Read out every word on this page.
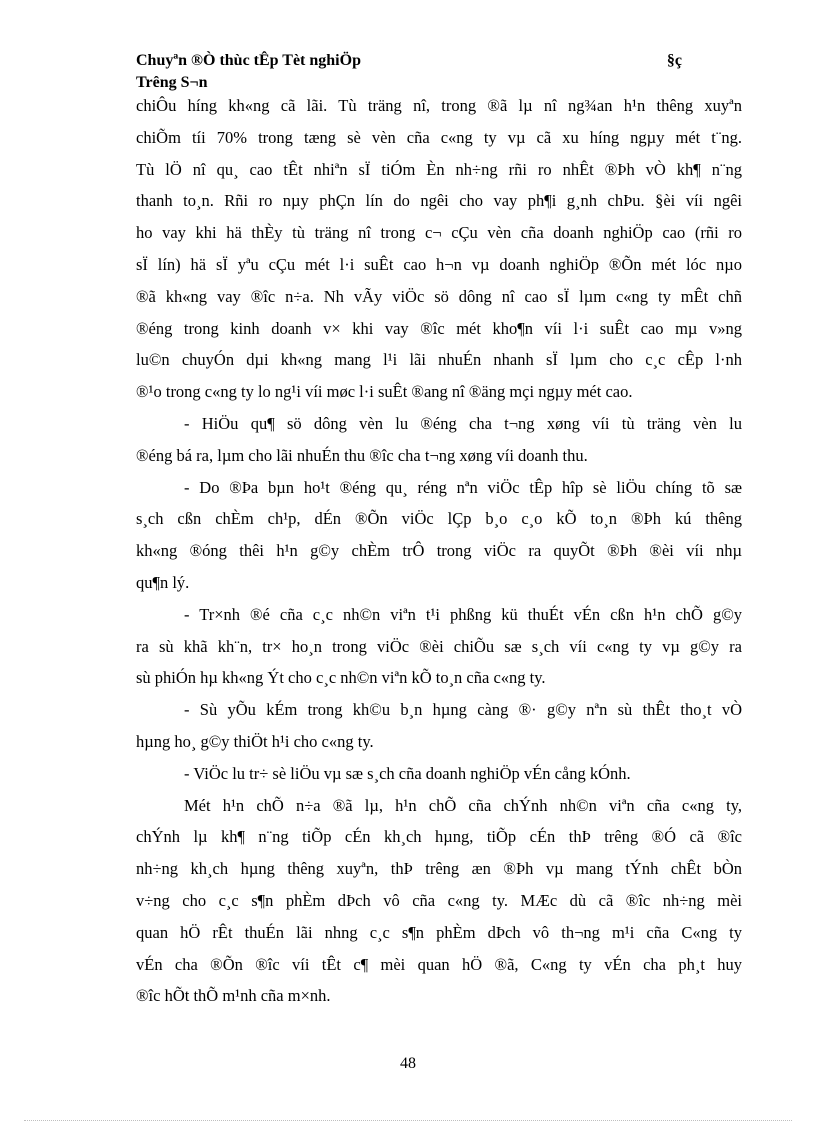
Chuyªn ®Ò thùc tÊp Tèt nghiÖp
Trêng S¬n
§ç
chiÔu híng kh«ng cã lãi. Tù träng nî, trong ®ã lµ nî ng¾an h¹n thêng xuyªn
chiÕm tíi 70% trong tæng sè vèn cña c«ng ty vµ cã xu híng ngµy mét t¨ng.
Tù lÖ nî qu¸ cao tÊt nhiªn sÏ tiÓm Èn nh÷ng rñi ro nhÊt ®Þh vÒ kh¶ n¨ng
thanh to¸n. Rñi ro nµy phÇn lín do ngêi cho vay ph¶i g¸nh chÞu. §èi víi ngêi
ho vay khi hä thÈy tù träng nî trong c¬ cÇu vèn cña doanh nghiÖp cao (rñi ro
sÏ lín) hä sÏ yªu cÇu mét l·i suÊt cao h¬n vµ doanh nghiÖp ®Õn mét lóc nµo
®ã kh«ng vay ®îc n÷a. Nh vÃy viÖc sö dông nî cao sÏ lµm c«ng ty mÊt chñ
®éng trong kinh doanh v× khi vay ®îc mét kho¶n víi l·i suÊt cao mµ v»ng
lu©n chuyÓn dµi kh«ng mang l¹i lãi nhuÉn nhanh sÏ lµm cho c¸c cÊp l·nh
®¹o trong c«ng ty lo ng¹i víi møc l·i suÊt ®ang nî ®äng mçi ngµy mét cao.
- HiÖu qu¶ sö dông vèn lu ®éng cha t¬ng xøng víi tù träng vèn lu
®éng bá ra, lµm cho lãi nhuÉn thu ®îc cha t¬ng xøng víi doanh thu.
- Do ®Þa bµn ho¹t ®éng qu¸ réng nªn viÖc tÊp hîp sè liÖu chíng tõ sæ
s¸ch cßn chÈm ch¹p, dÉn ®Õn viÖc lÇp b¸o c¸o kÕ to¸n ®Þh kú thêng
kh«ng ®óng thêi h¹n g©y chÈm trÔ trong viÖc ra quyÕt ®Þh ®èi víi nhµ
qu¶n lý.
- Tr×nh ®é cña c¸c nh©n viªn t¹i phßng kü thuÉt vÉn cßn h¹n chÕ g©y
ra sù khã kh¨n, tr× ho¸n trong viÖc ®èi chiÕu sæ s¸ch víi c«ng ty vµ g©y ra
sù phiÓn hµ kh«ng Ýt cho c¸c nh©n viªn kÕ to¸n cña c«ng ty.
- Sù yÕu kÉm trong kh©u b¸n hµng càng ®· g©y nªn sù thÊt tho¸t vÒ
hµng ho¸ g©y thiÖt h¹i cho c«ng ty.
- ViÖc lu tr÷ sè liÖu vµ sæ s¸ch cña doanh nghiÖp vÉn cång kÓnh.
Mét h¹n chÕ n÷a ®ã lµ, h¹n chÕ cña chÝnh nh©n viªn cña c«ng ty,
chÝnh lµ kh¶ n¨ng tiÕp cÉn kh¸ch hµng, tiÕp cÉn thÞ trêng ®Ó cã ®îc
nh÷ng kh¸ch hµng thêng xuyªn, thÞ trêng æn ®Þh vµ mang tÝnh chÊt bÒn
v÷ng cho c¸c s¶n phÈm dÞch vô cña c«ng ty. MÆc dù cã ®îc nh÷ng mèi
quan hÖ rÊt thuÉn lãi nhng c¸c s¶n phÈm dÞch vô th¬ng m¹i cña C«ng ty
vÉn cha ®Õn ®îc víi tÊt c¶ mèi quan hÖ ®ã, C«ng ty vÉn cha ph¸t huy
®îc hÕt thÕ m¹nh cña m×nh.
48
